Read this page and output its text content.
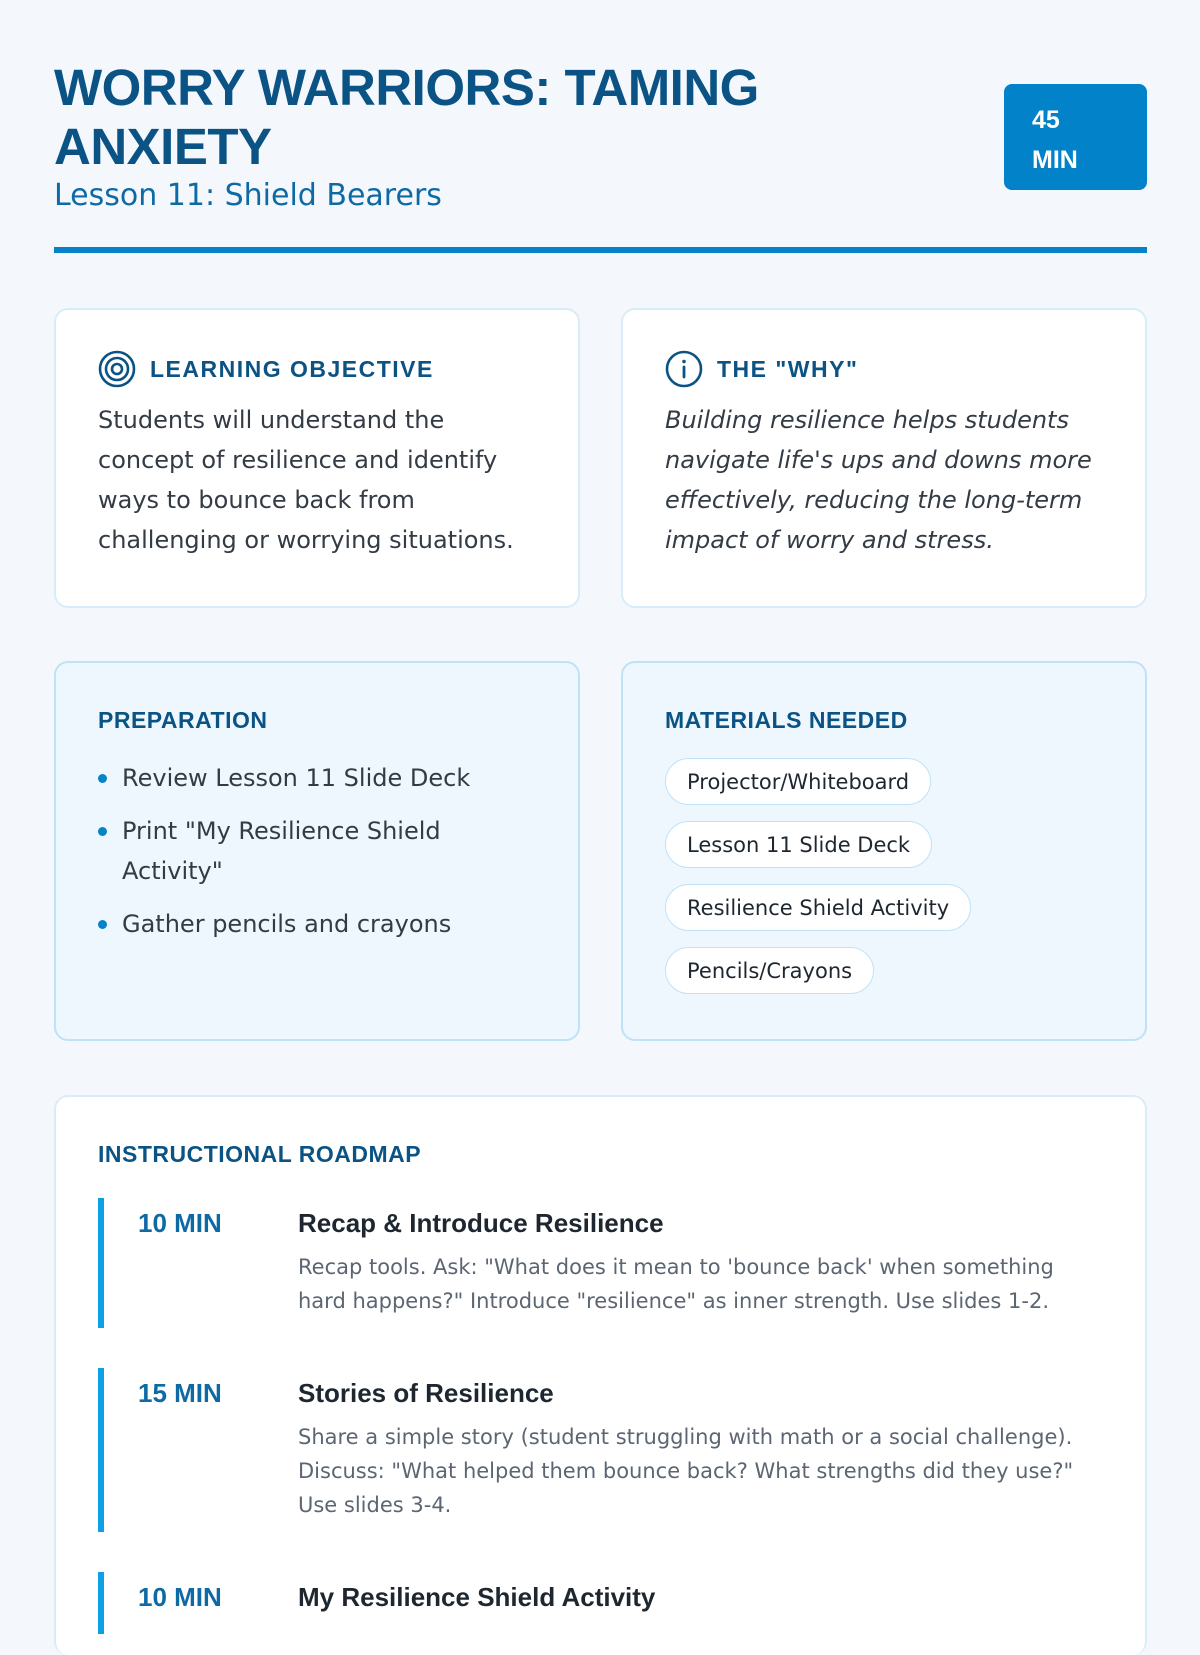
WORRY WARRIORS: TAMING ANXIETY
Lesson 11: Shield Bearers
45
MIN
LEARNING OBJECTIVE
Students will understand the concept of resilience and identify ways to bounce back from challenging or worrying situations.
THE "WHY"
Building resilience helps students navigate life's ups and downs more effectively, reducing the long-term impact of worry and stress.
PREPARATION
Review Lesson 11 Slide Deck
Print "My Resilience Shield Activity"
Gather pencils and crayons
MATERIALS NEEDED
Projector/Whiteboard
Lesson 11 Slide Deck
Resilience Shield Activity
Pencils/Crayons
INSTRUCTIONAL ROADMAP
10 MIN	Recap & Introduce Resilience
Recap tools. Ask: "What does it mean to 'bounce back' when something hard happens?" Introduce "resilience" as inner strength. Use slides 1-2.
15 MIN	Stories of Resilience
Share a simple story (student struggling with math or a social challenge). Discuss: "What helped them bounce back? What strengths did they use?" Use slides 3-4.
10 MIN	My Resilience Shield Activity
